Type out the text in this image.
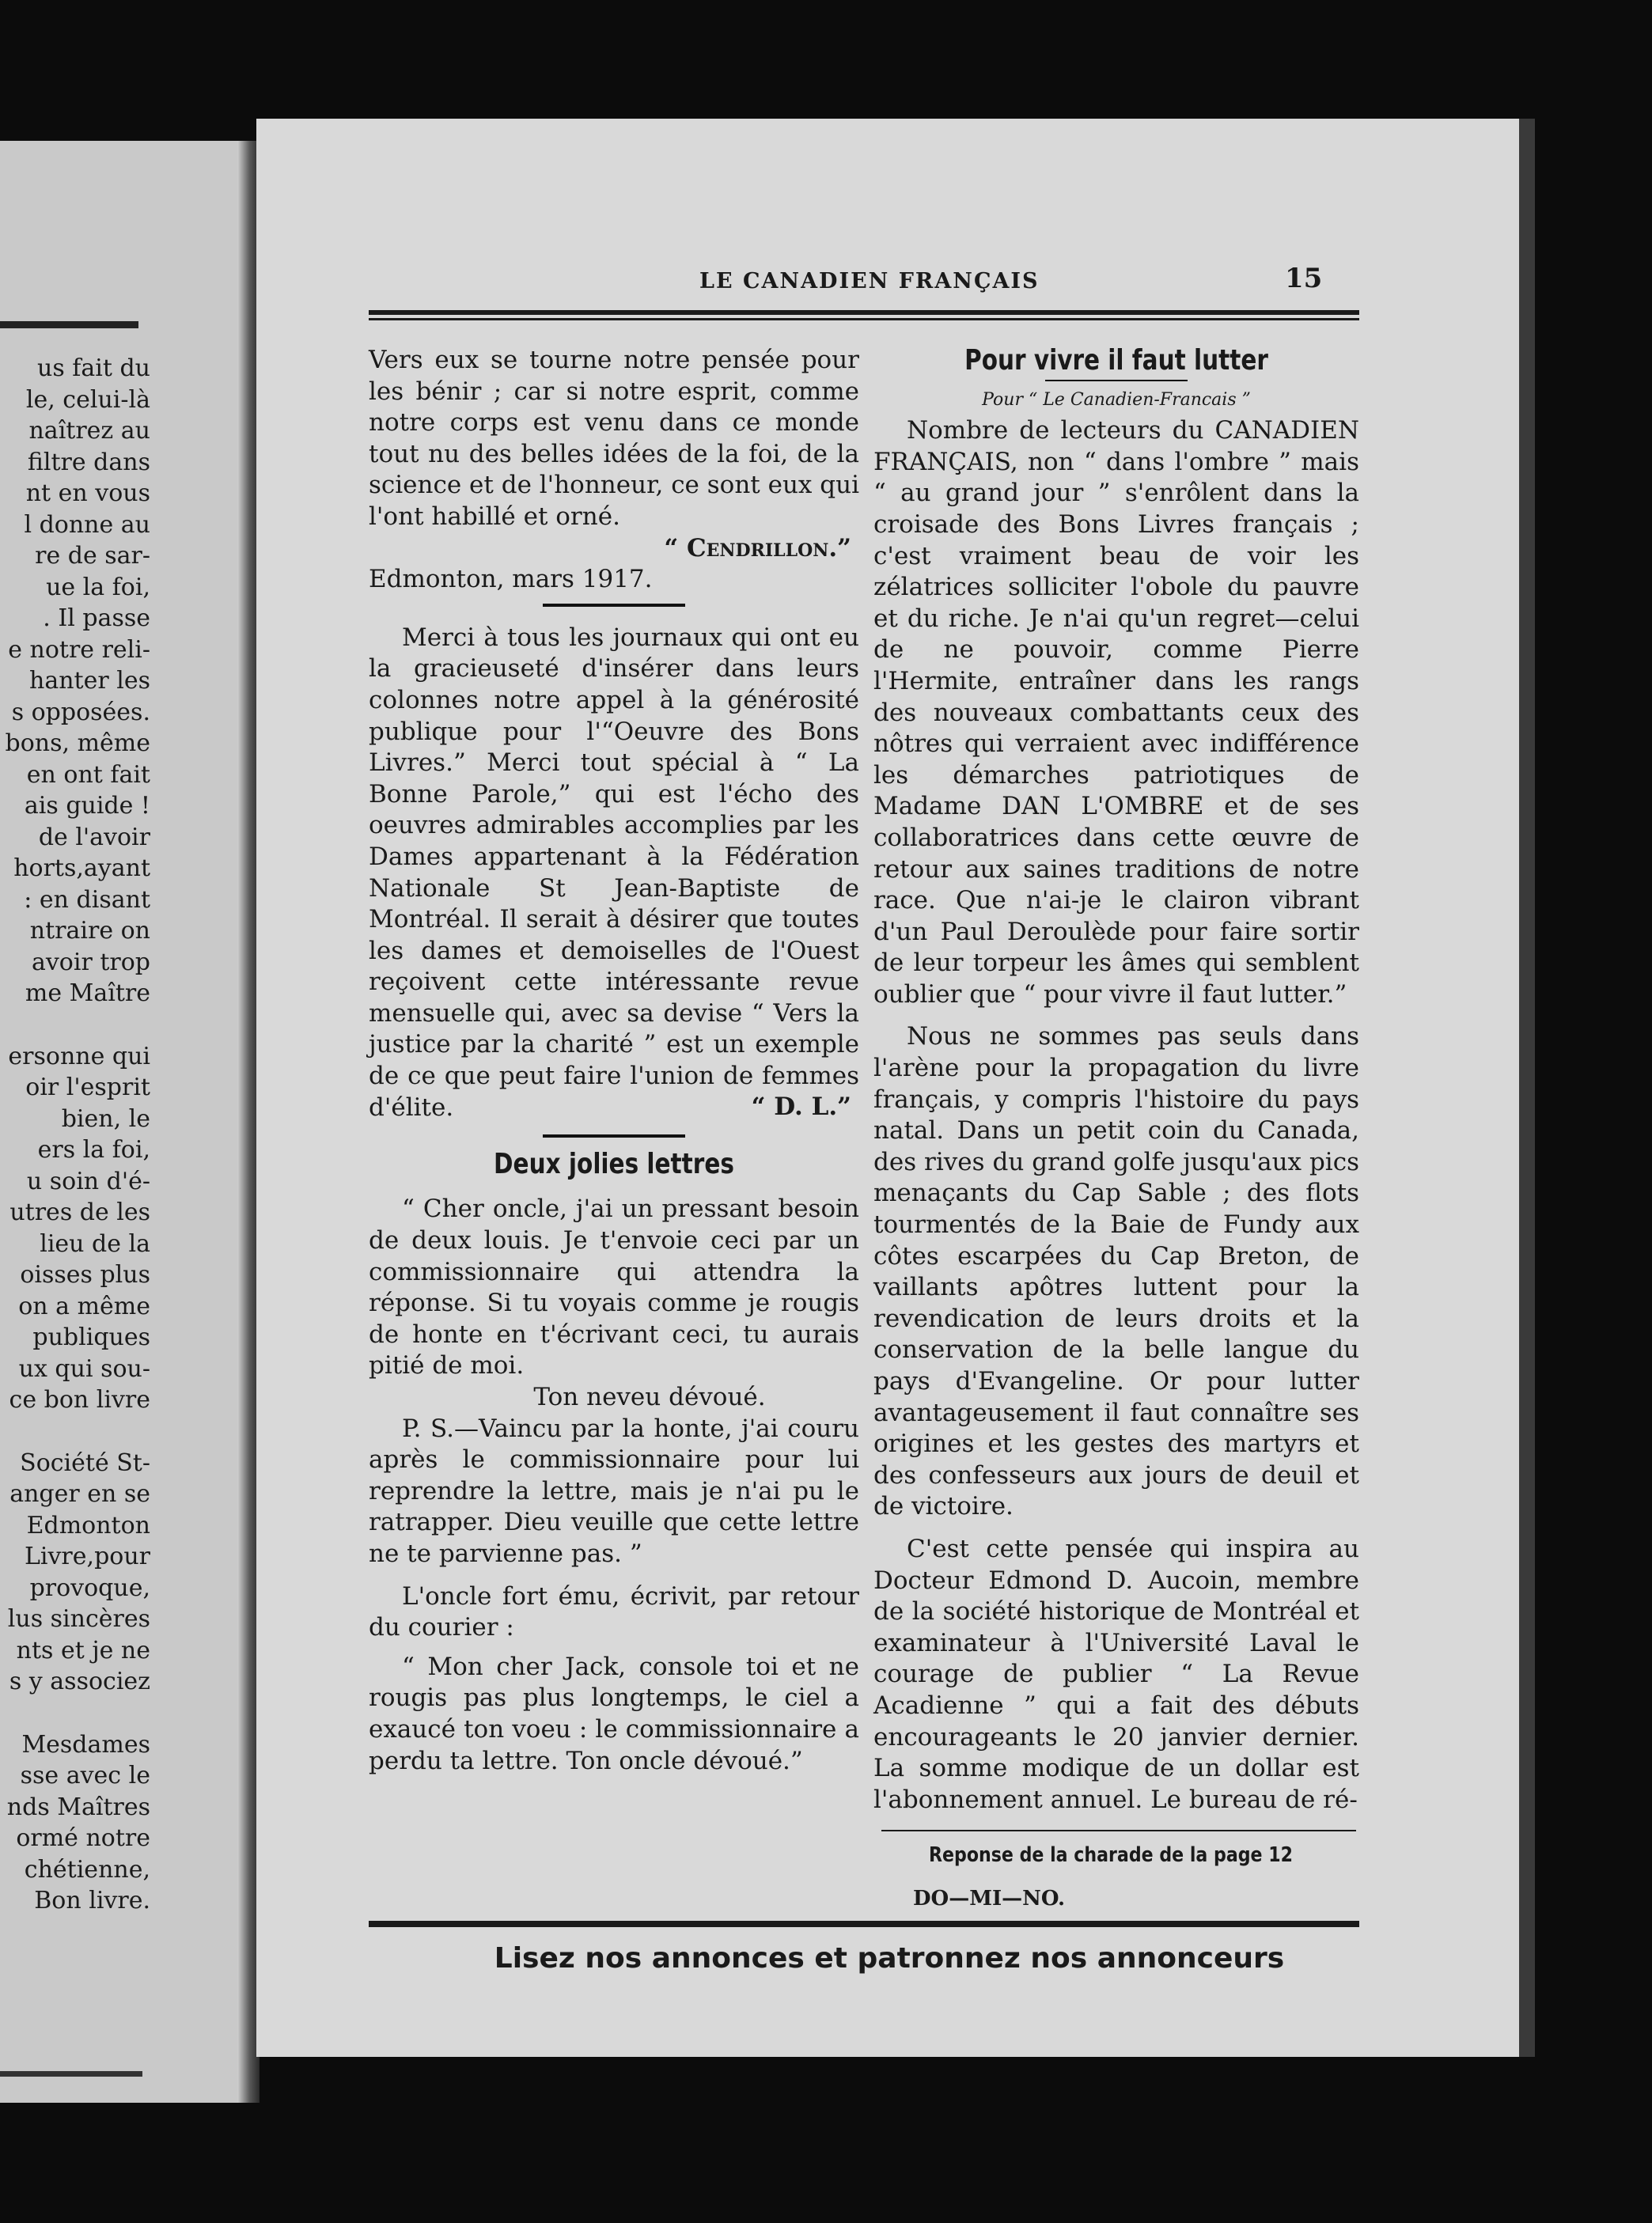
us fait du
le, celui-là
naîtrez au
filtre dans
nt en vous
l donne au
re de sar-
ue la foi,
. Il passe
e notre reli-
hanter les
s opposées.
bons, même
en ont fait
ais guide !
de l'avoir
horts,ayant
: en disant
ntraire on
avoir trop
me Maître
ersonne qui
oir l'esprit
bien, le
ers la foi,
u soin d'é-
utres de les
lieu de la
oisses plus
on a même
publiques
ux qui sou-
ce bon livre
Société St-
anger en se
Edmonton
Livre,pour
provoque,
lus sincères
nts et je ne
s y associez
Mesdames
sse avec le
nds Maîtres
ormé notre
chétienne,
Bon livre.
LE CANADIEN FRANÇAIS	15

Vers eux se tourne notre pensée pour les bénir ; car si notre esprit, comme notre corps est venu dans ce monde tout nu des belles idées de la foi, de la science et de l'honneur, ce sont eux qui l'ont habillé et orné.

“ Cendrillon.”

Edmonton, mars 1917.

Merci à tous les journaux qui ont eu la gracieuseté d'insérer dans leurs colonnes notre appel à la générosité publique pour l'“Oeuvre des Bons Livres.” Merci tout spécial à “ La Bonne Parole,” qui est l'écho des oeuvres admirables accomplies par les Dames appartenant à la Fédération Nationale St Jean-Baptiste de Montréal. Il serait à désirer que toutes les dames et demoiselles de l'Ouest reçoivent cette intéressante revue mensuelle qui, avec sa devise “ Vers la justice par la charité ” est un exemple de ce que peut faire l'union de femmes d'élite.	“ D. L.”

Deux jolies lettres

“ Cher oncle, j'ai un pressant besoin de deux louis. Je t'envoie ceci par un commissionnaire qui attendra la réponse. Si tu voyais comme je rougis de honte en t'écrivant ceci, tu aurais pitié de moi.

Ton neveu dévoué.

P. S.—Vaincu par la honte, j'ai couru après le commissionnaire pour lui reprendre la lettre, mais je n'ai pu le ratrapper. Dieu veuille que cette lettre ne te parvienne pas. ”

L'oncle fort ému, écrivit, par retour du courier :

“ Mon cher Jack, console toi et ne rougis pas plus longtemps, le ciel a exaucé ton voeu : le commissionnaire a perdu ta lettre. Ton oncle dévoué.”

Pour vivre il faut lutter

Pour “ Le Canadien-Francais ”

Nombre de lecteurs du CANADIEN FRANÇAIS, non “ dans l'ombre ” mais “ au grand jour ” s'enrôlent dans la croisade des Bons Livres français ; c'est vraiment beau de voir les zélatrices solliciter l'obole du pauvre et du riche. Je n'ai qu'un regret—celui de ne pouvoir, comme Pierre l'Hermite, entraîner dans les rangs des nouveaux combattants ceux des nôtres qui verraient avec indifférence les démarches patriotiques de Madame DAN L'OMBRE et de ses collaboratrices dans cette œuvre de retour aux saines traditions de notre race. Que n'ai-je le clairon vibrant d'un Paul Deroulède pour faire sortir de leur torpeur les âmes qui semblent oublier que “ pour vivre il faut lutter.”

Nous ne sommes pas seuls dans l'arène pour la propagation du livre français, y compris l'histoire du pays natal. Dans un petit coin du Canada, des rives du grand golfe jusqu'aux pics menaçants du Cap Sable ; des flots tourmentés de la Baie de Fundy aux côtes escarpées du Cap Breton, de vaillants apôtres luttent pour la revendication de leurs droits et la conservation de la belle langue du pays d'Evangeline. Or pour lutter avantageusement il faut connaître ses origines et les gestes des martyrs et des confesseurs aux jours de deuil et de victoire.

C'est cette pensée qui inspira au Docteur Edmond D. Aucoin, membre de la société historique de Montréal et examinateur à l'Université Laval le courage de publier “ La Revue Acadienne ” qui a fait des débuts encourageants le 20 janvier dernier. La somme modique de un dollar est l'abonnement annuel. Le bureau de ré-

Reponse de la charade de la page 12
DO—MI—NO.
Lisez nos annonces et patronnez nos annonceurs
